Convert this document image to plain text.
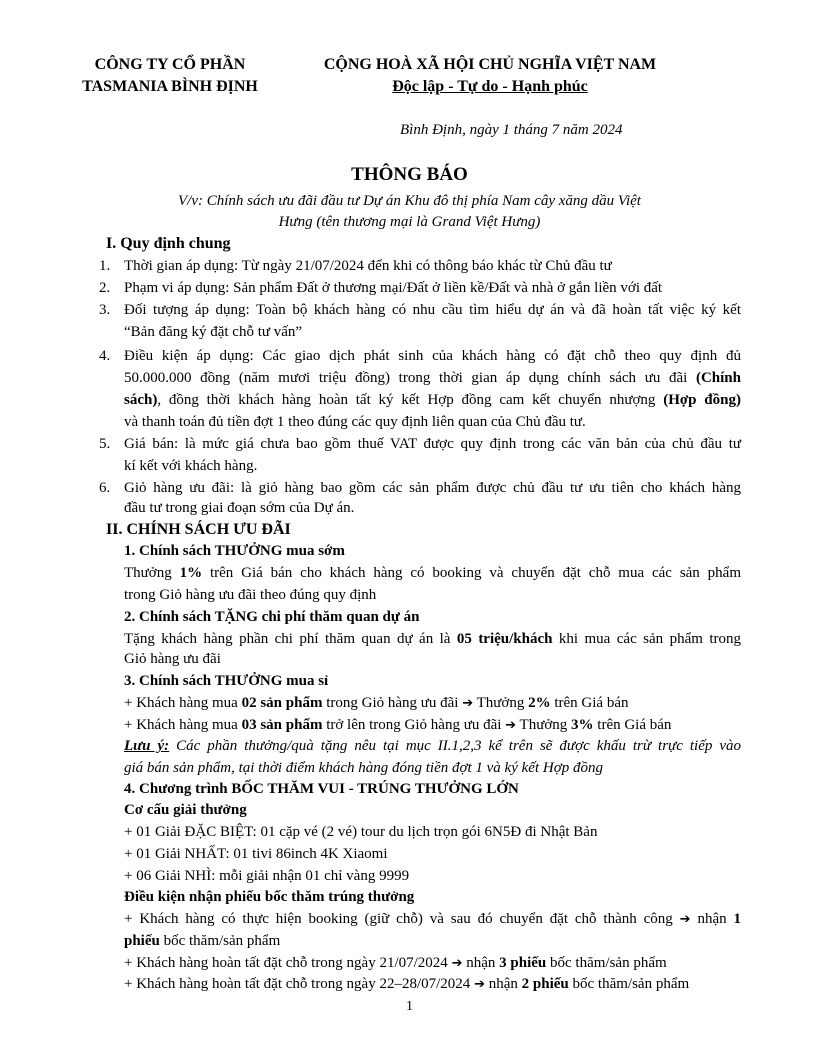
CÔNG TY CỔ PHẦN
TASMANIA BÌNH ĐỊNH
CỘNG HOÀ XÃ HỘI CHỦ NGHĨA VIỆT NAM
Độc lập - Tự do - Hạnh phúc
Bình Định, ngày 1 tháng 7 năm 2024
THÔNG BÁO
V/v: Chính sách ưu đãi đầu tư Dự án Khu đô thị phía Nam cây xăng dầu Việt
Hưng (tên thương mại là Grand Việt Hưng)
I. Quy định chung
1. Thời gian áp dụng: Từ ngày 21/07/2024 đến khi có thông báo khác từ Chủ đầu tư
2. Phạm vi áp dụng: Sản phẩm Đất ở thương mại/Đất ở liền kề/Đất và nhà ở gắn liền với đất
3. Đối tượng áp dụng: Toàn bộ khách hàng có nhu cầu tìm hiểu dự án và đã hoàn tất việc ký kết
“Bản đăng ký đặt chỗ tư vấn”
4. Điều kiện áp dụng: Các giao dịch phát sinh của khách hàng có đặt chỗ theo quy định đủ
50.000.000 đồng (năm mươi triệu đồng) trong thời gian áp dụng chính sách ưu đãi (Chính
sách), đồng thời khách hàng hoàn tất ký kết Hợp đồng cam kết chuyển nhượng (Hợp đồng)
và thanh toán đủ tiền đợt 1 theo đúng các quy định liên quan của Chủ đầu tư.
5. Giá bán: là mức giá chưa bao gồm thuế VAT được quy định trong các văn bản của chủ đầu tư
kí kết với khách hàng.
6. Giỏ hàng ưu đãi: là giỏ hàng bao gồm các sản phẩm được chủ đầu tư ưu tiên cho khách hàng
đầu tư trong giai đoạn sớm của Dự án.
II. CHÍNH SÁCH ƯU ĐÃI
1. Chính sách THƯỞNG mua sớm
Thưởng 1% trên Giá bán cho khách hàng có booking và chuyển đặt chỗ mua các sản phẩm
trong Giỏ hàng ưu đãi theo đúng quy định
2. Chính sách TẶNG chi phí thăm quan dự án
Tặng khách hàng phần chi phí thăm quan dự án là 05 triệu/khách khi mua các sản phẩm trong
Giỏ hàng ưu đãi
3. Chính sách THƯỞNG mua sỉ
+ Khách hàng mua 02 sản phẩm trong Giỏ hàng ưu đãi ➔ Thưởng 2% trên Giá bán
+ Khách hàng mua 03 sản phẩm trở lên trong Giỏ hàng ưu đãi ➔ Thưởng 3% trên Giá bán
Lưu ý: Các phần thưởng/quà tặng nêu tại mục II.1,2,3 kể trên sẽ được khấu trừ trực tiếp vào
giá bán sản phẩm, tại thời điểm khách hàng đóng tiền đợt 1 và ký kết Hợp đồng
4. Chương trình BỐC THĂM VUI - TRÚNG THƯỞNG LỚN
Cơ cấu giải thưởng
+ 01 Giải ĐẶC BIỆT: 01 cặp vé (2 vé) tour du lịch trọn gói 6N5Đ đi Nhật Bản
+ 01 Giải NHẤT: 01 tivi 86inch 4K Xiaomi
+ 06 Giải NHÌ: mỗi giải nhận 01 chỉ vàng 9999
Điều kiện nhận phiếu bốc thăm trúng thưởng
+ Khách hàng có thực hiện booking (giữ chỗ) và sau đó chuyển đặt chỗ thành công ➔ nhận 1
phiếu bốc thăm/sản phẩm
+ Khách hàng hoàn tất đặt chỗ trong ngày 21/07/2024 ➔ nhận 3 phiếu bốc thăm/sản phẩm
+ Khách hàng hoàn tất đặt chỗ trong ngày 22–28/07/2024 ➔ nhận 2 phiếu bốc thăm/sản phẩm
1
